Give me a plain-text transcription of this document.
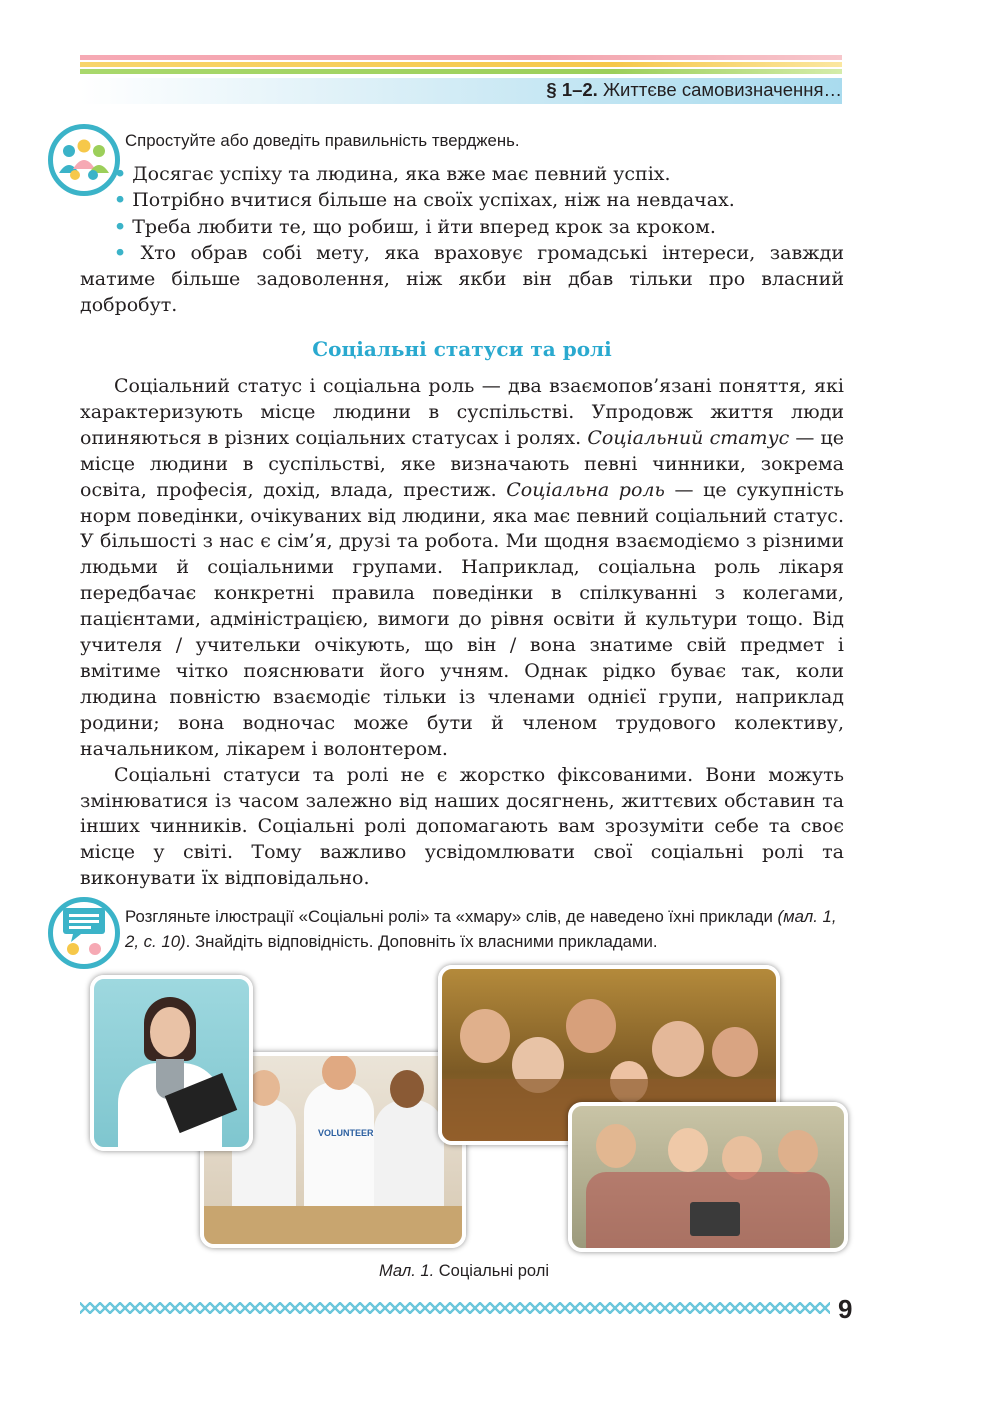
§ 1–2. Життєве самовизначення…
Спростуйте або доведіть правильність тверджень.

• Досягає успіху та людина, яка вже має певний успіх.

• Потрібно вчитися більше на своїх успіхах, ніж на невдачах.

• Треба любити те, що робиш, і йти вперед крок за кроком.

• Хто обрав собі мету, яка враховує громадські інтереси, завжди матиме більше задоволення, ніж якби він дбав тільки про власний добробут.

Соціальні статуси та ролі

Соціальний статус і соціальна роль — два взаємопов’язані поняття, які характеризують місце людини в суспільстві. Упродовж життя люди опиняються в різних соціальних статусах і ролях. Соціальний статус — це місце людини в суспільстві, яке визначають певні чинники, зокрема освіта, професія, дохід, влада, престиж. Соціальна роль — це сукупність норм поведінки, очікуваних від людини, яка має певний соціальний статус. У більшості з нас є сім’я, друзі та робота. Ми щодня взаємодіємо з різними людьми й соціальними групами. Наприклад, соціальна роль лікаря передбачає конкретні правила поведінки в спілкуванні з колегами, пацієнтами, адміністрацією, вимоги до рівня освіти й культури тощо. Від учителя / учительки очікують, що він / вона знатиме свій предмет і вмітиме чітко пояснювати його учням. Однак рідко буває так, коли людина повністю взаємодіє тільки із членами однієї групи, наприклад родини; вона водночас може бути й членом трудового колективу, начальником, лікарем і волонтером.

Соціальні статуси та ролі не є жорстко фіксованими. Вони можуть змінюватися із часом залежно від наших досягнень, життєвих обставин та інших чинників. Соціальні ролі допомагають вам зрозуміти себе та своє місце у світі. Тому важливо усвідомлювати свої соціальні ролі та виконувати їх відповідально.

Розгляньте ілюстрації «Соціальні ролі» та «хмару» слів, де наведено їхні приклади (мал. 1, 2, с. 10). Знайдіть відповідність. Доповніть їх власними прикладами.
VOLUNTEER
Мал. 1. Соціальні ролі
9
